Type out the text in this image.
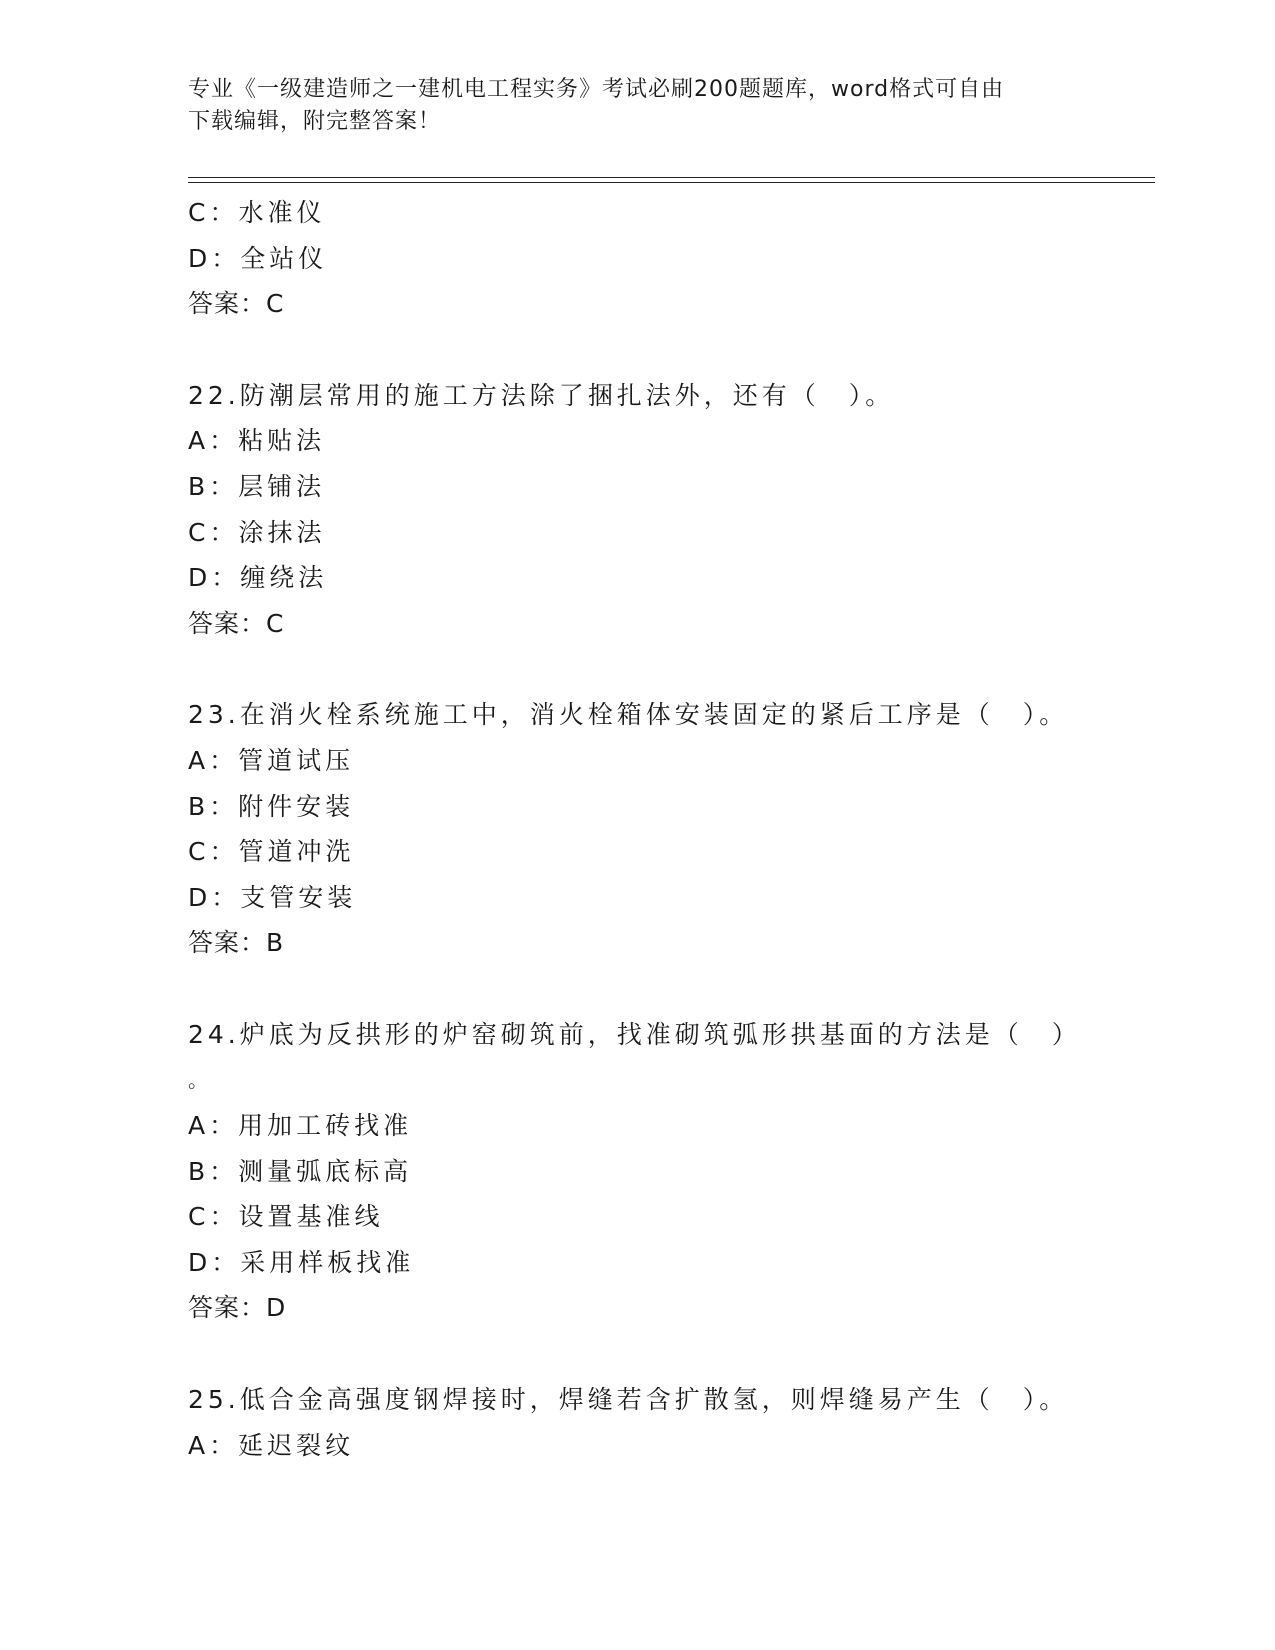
专业《一级建造师之一建机电工程实务》考试必刷200题题库，word格式可自由
下载编辑，附完整答案！
C：水准仪
D：全站仪
答案：C
22.防潮层常用的施工方法除了捆扎法外，还有（　）。
A：粘贴法
B：层铺法
C：涂抹法
D：缠绕法
答案：C
23.在消火栓系统施工中，消火栓箱体安装固定的紧后工序是（　）。
A：管道试压
B：附件安装
C：管道冲洗
D：支管安装
答案：B
24.炉底为反拱形的炉窑砌筑前，找准砌筑弧形拱基面的方法是（　）
。
A：用加工砖找准
B：测量弧底标高
C：设置基准线
D：采用样板找准
答案：D
25.低合金高强度钢焊接时，焊缝若含扩散氢，则焊缝易产生（　）。
A：延迟裂纹
